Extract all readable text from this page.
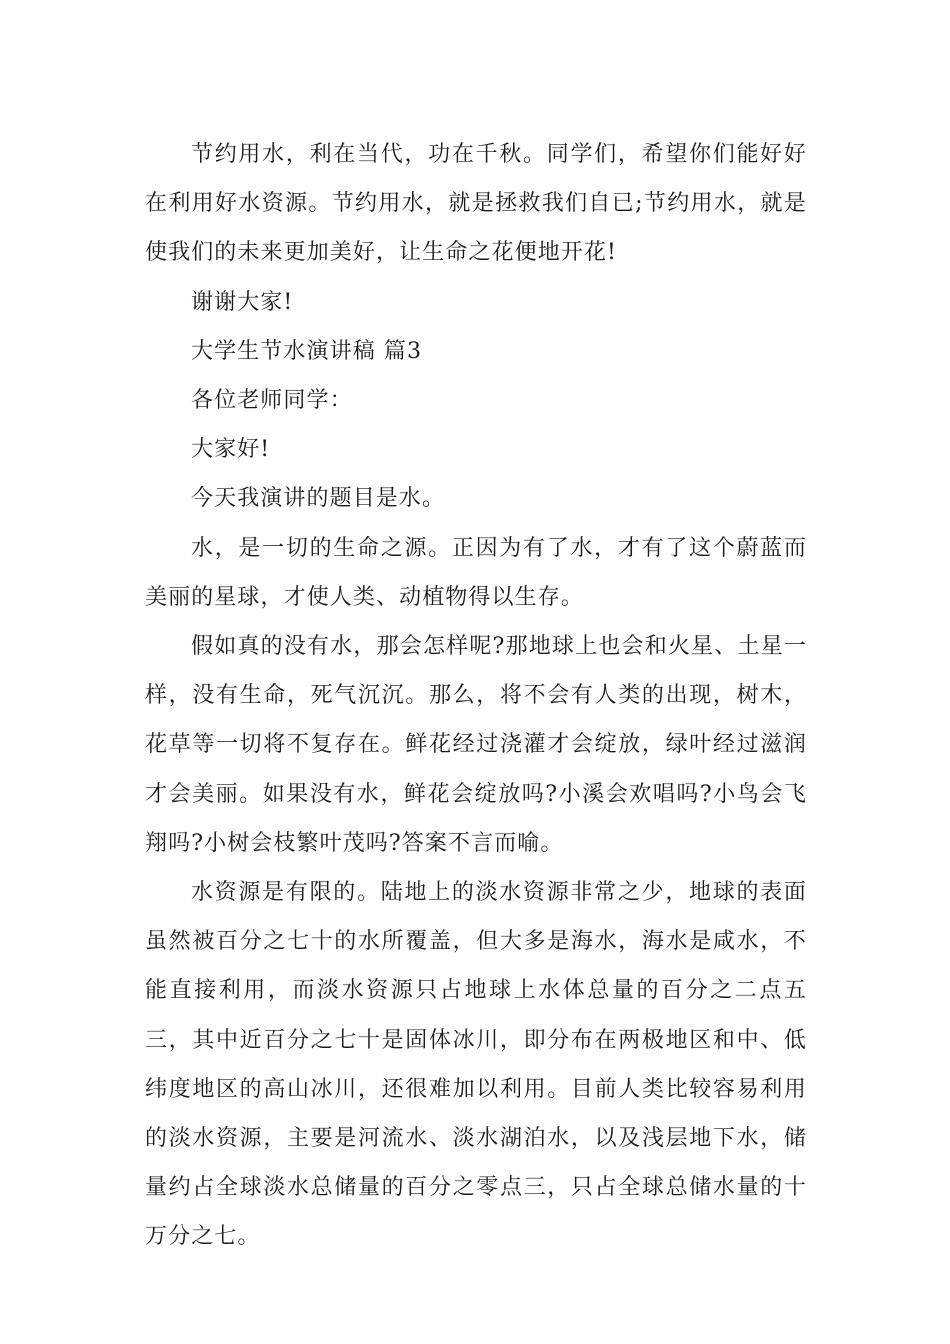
节约用水，利在当代，功在千秋。同学们，希望你们能好好在利用好水资源。节约用水，就是拯救我们自已;节约用水，就是使我们的未来更加美好，让生命之花便地开花!

谢谢大家!

大学生节水演讲稿 篇3

各位老师同学：

大家好!

今天我演讲的题目是水。

水，是一切的生命之源。正因为有了水，才有了这个蔚蓝而美丽的星球，才使人类、动植物得以生存。

假如真的没有水，那会怎样呢?那地球上也会和火星、土星一样，没有生命，死气沉沉。那么，将不会有人类的出现，树木，花草等一切将不复存在。鲜花经过浇灌才会绽放，绿叶经过滋润才会美丽。如果没有水，鲜花会绽放吗?小溪会欢唱吗?小鸟会飞翔吗?小树会枝繁叶茂吗?答案不言而喻。

水资源是有限的。陆地上的淡水资源非常之少，地球的表面虽然被百分之七十的水所覆盖，但大多是海水，海水是咸水，不能直接利用，而淡水资源只占地球上水体总量的百分之二点五三，其中近百分之七十是固体冰川，即分布在两极地区和中、低纬度地区的高山冰川，还很难加以利用。目前人类比较容易利用的淡水资源，主要是河流水、淡水湖泊水，以及浅层地下水，储量约占全球淡水总储量的百分之零点三，只占全球总储水量的十万分之七。
